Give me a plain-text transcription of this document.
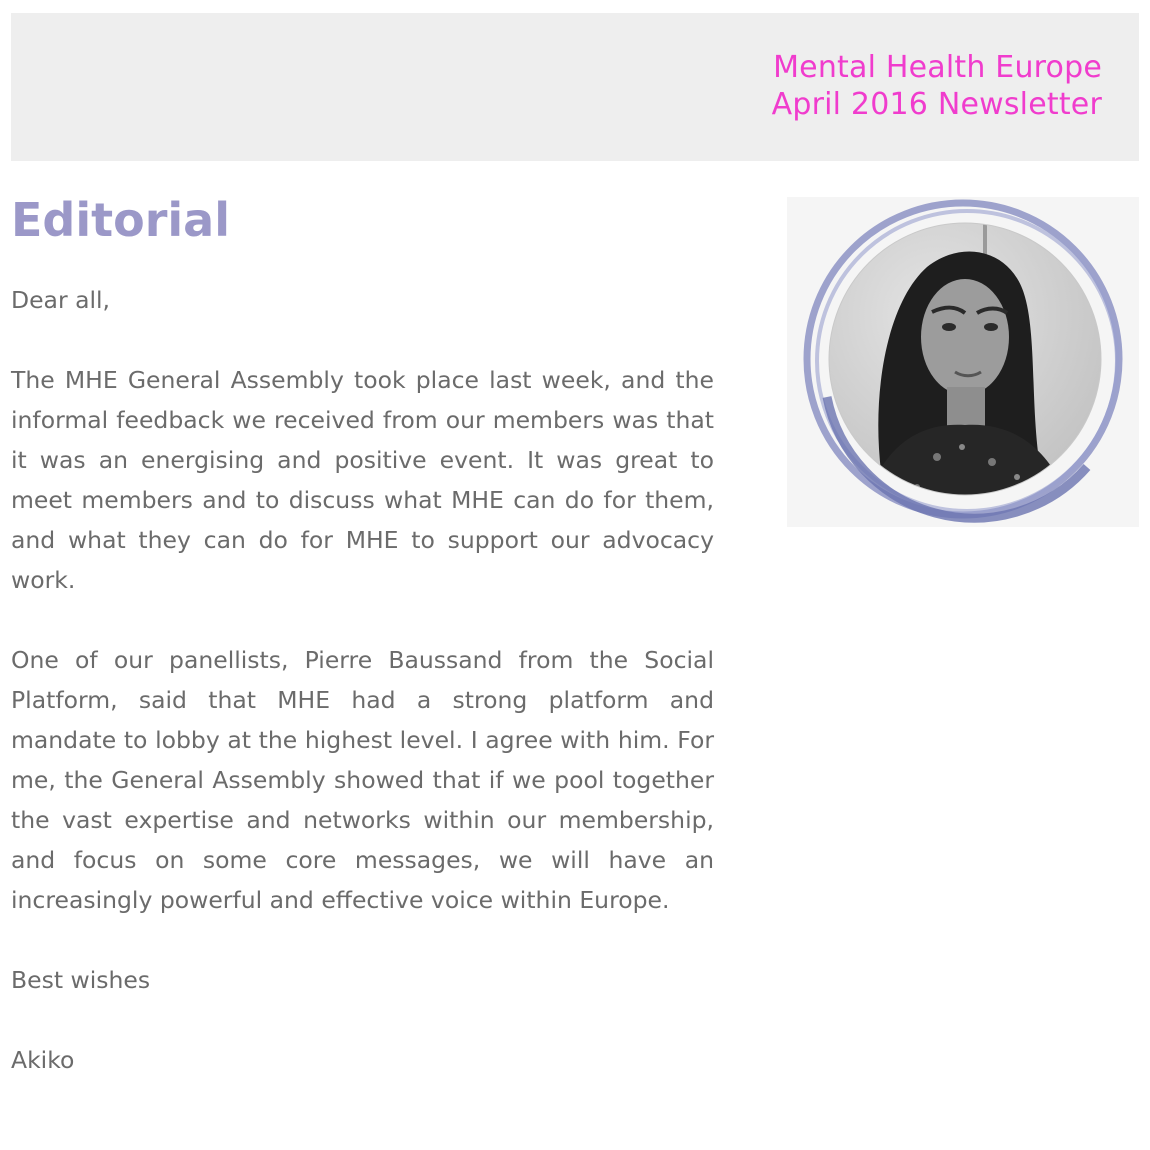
Mental Health Europe
April 2016 Newsletter
Editorial

Dear all,

The MHE General Assembly took place last week, and the informal feedback we received from our members was that it was an energising and positive event. It was great to meet members and to discuss what MHE can do for them, and what they can do for MHE to support our advocacy work.

One of our panellists, Pierre Baussand from the Social Platform, said that MHE had a strong platform and mandate to lobby at the highest level. I agree with him. For me, the General Assembly showed that if we pool together the vast expertise and networks within our membership, and focus on some core messages, we will have an increasingly powerful and effective voice within Europe.

Best wishes

Akiko
